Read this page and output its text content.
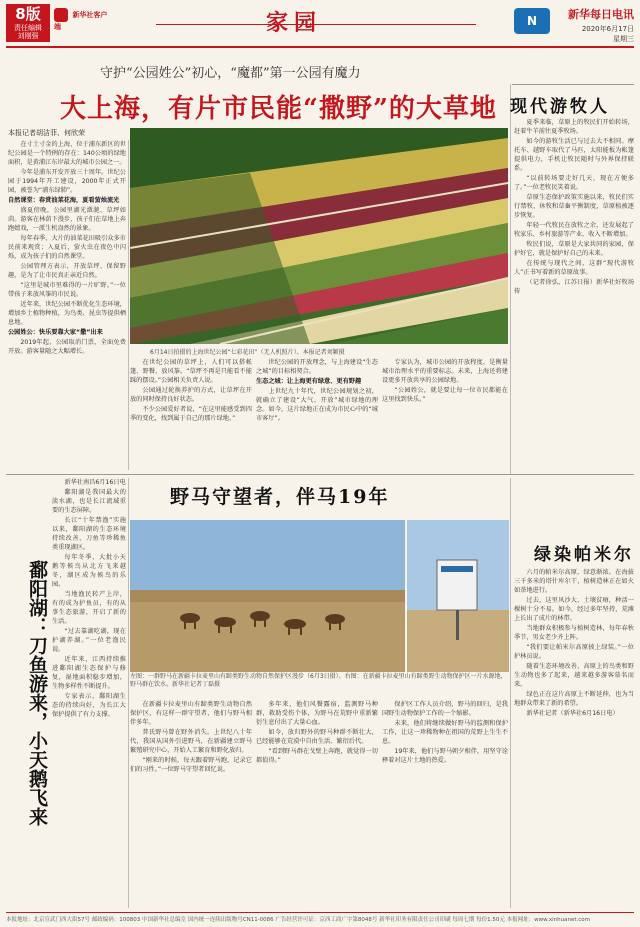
8版
责任编辑
刘刚强
新华社客户端	家园	N	新华每日电讯
2020年6月17日
星期三
守护“公园姓公”初心，“魔都”第一公园有魔力
大上海，有片市民能“撒野”的大草地
本报记者胡洁菲、何欣荣

在寸土寸金的上海，位于浦东新区的世纪公园是一个特例的存在：140公顷的绿地面积，是黄浦江东岸最大的城市公园之一。

今年是浦东开发开放三十周年。世纪公园于1994年开工建设，2000年正式开园，被誉为“浦东绿肺”。

自然课堂：春赏油菜花海，夏看萤烛流光

盛夏傍晚，公园里湖光潋滟、草坪如茵。游客在林荫下漫步，孩子们在草地上奔跑嬉戏，一派生机盎然的景象。

每年春季，大片的油菜花田吸引众多市民前来观赏；入夏后，萤火虫在夜色中闪烁，成为孩子们的自然课堂。

公园管理方表示，开放草坪、保留野趣，是为了让市民真正亲近自然。

“这里是城市里难得的一片旷野。”一位带孩子来放风筝的市民说。

近年来，世纪公园不断优化生态环境，增加乡土植物种植，为鸟类、昆虫等提供栖息地。

公园姓公：快乐要靠大家“撒”出来

2019年起，公园取消门票，全面免费开放。游客量随之大幅增长。	6月14日拍摄的上海世纪公园“七彩花田”（无人机照片）。本报记者刘颖摄

在世纪公园的草坪上，人们可以搭帐篷、野餐、放风筝。“草坪不再是只能看不能踩的摆设。”公园相关负责人说。

公园通过轮换养护的方式，让草坪在开放的同时保持良好状态。

不少公园爱好者说，“在这里能感受到四季的变化，找到属于自己的那片绿地。”

世纪公园的开放理念，与上海建设“生态之城”的目标相契合。

生态之城：让上海更有绿意、更有野趣

上世纪九十年代，世纪公园规划之初，就确立了建设“大气、开放”城市绿地的理念。如今，这片绿地正在成为市民心中的“城市客厅”。

专家认为，城市公园的开放程度，是衡量城市治理水平的重要标志。未来，上海还将建设更多开放共享的公园绿地。

“公园姓公，就是要让每一位市民都能在这里找到快乐。”

现代游牧人

夏季来临，草原上的牧民们开始转场，赶着牛羊前往夏季牧场。

如今的游牧生活已与过去大不相同。摩托车、越野车取代了马匹，太阳能板为帐篷提供电力，手机让牧民随时与外界保持联系。

“以前转场要走好几天，现在方便多了。”一位老牧民笑着说。

草原生态保护政策实施以来，牧民们实行禁牧、休牧和草畜平衡制度，草原植被逐步恢复。

年轻一代牧民在放牧之余，还发展起了牧家乐、乡村旅游等产业，收入不断增加。

牧民们说，草原是大家共同的家园，保护好它，就是保护好自己的未来。

在传统与现代之间，这群“现代游牧人”正书写着新的草原故事。

（记者徐弘，江苏日报）新华社好牧场传

鄱阳湖：刀鱼游来，小天鹅飞来

新华社南昌6月16日电

鄱阳湖是我国最大的淡水湖，也是长江流域重要的生态屏障。

长江“十年禁渔”实施以来，鄱阳湖的生态环境持续改善，刀鱼等珍稀鱼类重现湖区。

每年冬季，大批小天鹅等候鸟从北方飞来越冬，湖区成为候鸟的乐园。

当地渔民转产上岸，有的成为护鱼员，有的从事生态旅游，开启了新的生活。

“过去靠湖吃湖，现在护湖养湖。”一位老渔民说。

近年来，江西持续推进鄱阳湖生态保护与修复，湿地面积稳步增加，生物多样性不断提升。

专家表示，鄱阳湖生态的持续向好，为长江大保护提供了有力支撑。

野马守望者，伴马19年
左图：一群野马在新疆卡拉麦里山有蹄类野生动物自然保护区漫步（6月3日摄）。右图：在新疆卡拉麦里山有蹄类野生动物保护区一片水源地，野马群在饮水。新华社记者丁磊摄

在新疆卡拉麦里山有蹄类野生动物自然保护区，有这样一群守望者，他们与野马相伴多年。

普氏野马曾在野外消失。上世纪八十年代，我国从国外引进野马，在新疆建立野马繁殖研究中心，开始人工繁育和野化放归。

“刚来的时候，每天跟着野马跑，记录它们的习性。”一位野马守望者回忆说。

多年来，他们风餐露宿，监测野马种群，救助受伤个体，为野马在荒野中重新繁衍生息付出了大量心血。

如今，放归野外的野马种群不断壮大，已经能够在荒漠中自由生活、繁衍后代。

“看到野马群在戈壁上奔跑，就觉得一切都值得。”

保护区工作人员介绍，野马的回归，是我国野生动物保护工作的一个缩影。

未来，他们将继续做好野马的监测和保护工作，让这一珍稀物种在祖国的荒野上生生不息。

19年来，他们与野马朝夕相伴，用坚守诠释着对这片土地的热爱。

绿染帕米尔

六月的帕米尔高原，绿意渐浓。在海拔三千多米的塔什库尔干，植树造林正在如火如荼地进行。

过去，这里风沙大、土壤贫瘠，种活一棵树十分不易。如今，经过多年坚持，荒滩上长出了成片的林带。

当地群众积极参与植树造林，每年春秋季节，男女老少齐上阵。

“我们要让帕米尔高原披上绿装。”一位护林员说。

随着生态环境改善，高原上的鸟类和野生动物也多了起来，越来越多游客慕名而来。

绿色正在这片高原上不断延伸，也为当地群众带来了新的希望。

新华社记者（新华社6月16日电）

本报地址：北京宣武门西大街57号 邮政编码：100803 中国新华社总编室 国内统一连续出版物号CN11-0086 广告经营许可证：京西工商广字第8048号 新华社印务有限责任公司印刷 每周七期 每份1.50元 本报网址：www.xinhuanet.com
